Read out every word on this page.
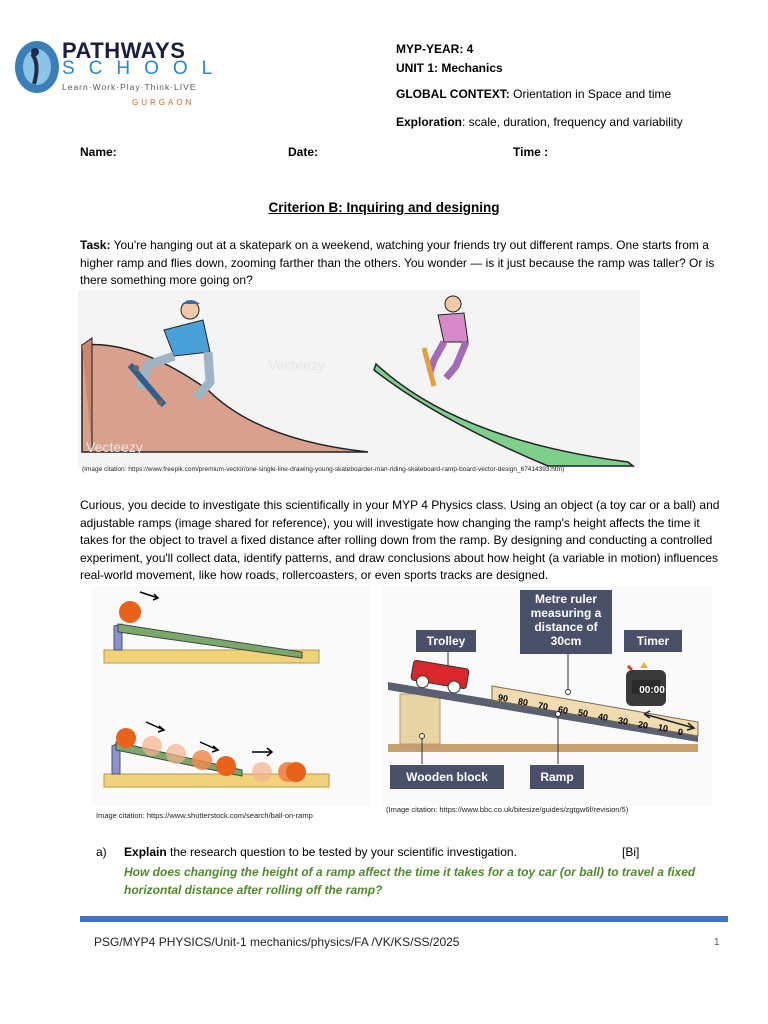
PATHWAYS
SCHOOL
Learn·Work·Play·Think·LIVE
GURGAON
MYP-YEAR: 4
UNIT 1: Mechanics
GLOBAL CONTEXT: Orientation in Space and time
Exploration: scale, duration, frequency and variability
Name:	Date:	Time :
Criterion B: Inquiring and designing
Task: You're hanging out at a skatepark on a weekend, watching your friends try out different ramps. One starts from a higher ramp and flies down, zooming farther than the others. You wonder — is it just because the ramp was taller? Or is there something more going on?
Vecteezy
Vecteezy
(Image citation: https://www.freepik.com/premium-vector/one-single-line-drawing-young-skateboarder-man-riding-skateboard-ramp-board-vector-design_67414393.htm)
Curious, you decide to investigate this scientifically in your MYP 4 Physics class. Using an object (a toy car or a ball) and adjustable ramps (image shared for reference), you will investigate how changing the ramp's height affects the time it takes for the object to travel a fixed distance after rolling down from the ramp. By designing and conducting a controlled experiment, you'll collect data, identify patterns, and draw conclusions about how height (a variable in motion) influences real-world movement, like how roads, rollercoasters, or even sports tracks are designed.
Image citation: https://www.shutterstock.com/search/ball-on-ramp
Metre ruler measuring a distance of 30cm
Trolley	Timer
00:00
Wooden block	Ramp
90 80 70 60 50 40 30 20 10 0
(Image citation: https://www.bbc.co.uk/bitesize/guides/zgtgw6f/revision/5)
a) Explain the research question to be tested by your scientific investigation.	[Bi]
How does changing the height of a ramp affect the time it takes for a toy car (or ball) to travel a fixed horizontal distance after rolling off the ramp?
PSG/MYP4 PHYSICS/Unit-1 mechanics/physics/FA /VK/KS/SS/2025	1
